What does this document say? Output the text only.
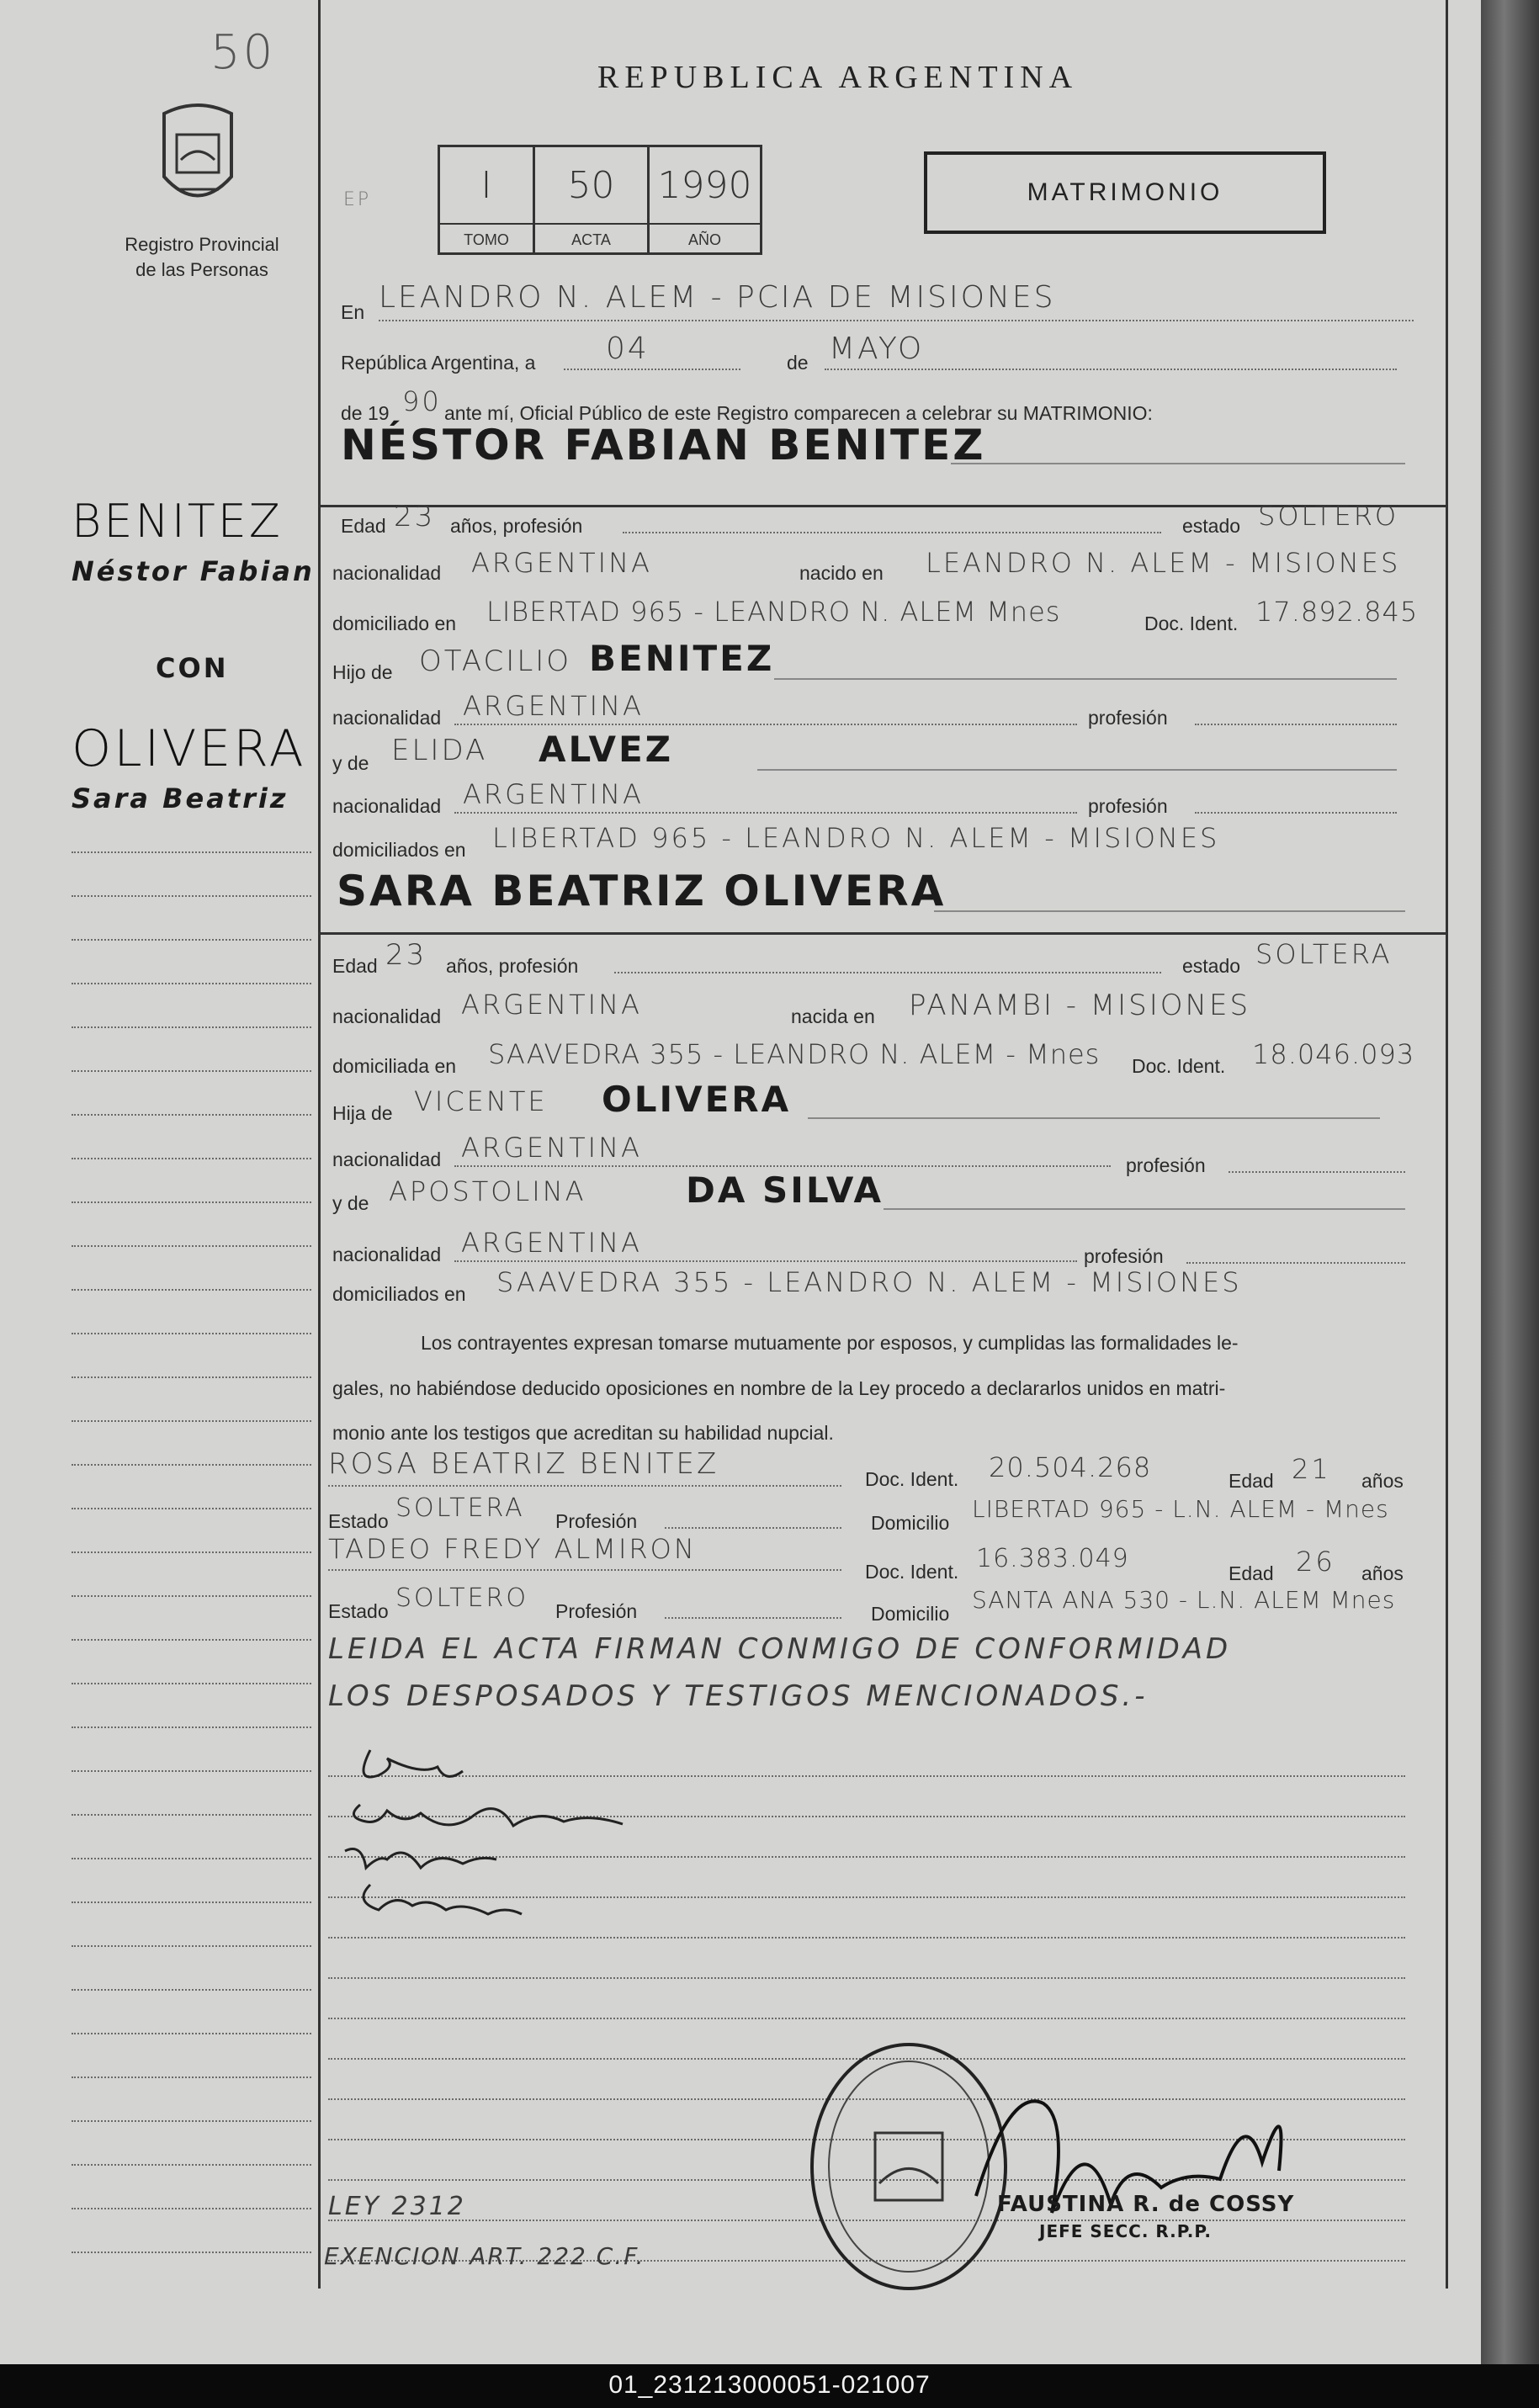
50
Registro Provincial
de las Personas
REPUBLICA ARGENTINA
EP	I
TOMO
50
ACTA
1990
AÑO
MATRIMONIO
BENITEZ
Néstor Fabian
CON
OLIVERA
Sara Beatriz
En LEANDRO N. ALEM - PCIA DE MISIONES
República Argentina, a 04	de MAYO
de 19 90 ante mí, Oficial Público de este Registro comparecen a celebrar su MATRIMONIO:
NÉSTOR FABIAN BENITEZ
Edad 23 años, profesión	estado SOLTERO
nacionalidad ARGENTINA	nacido en LEANDRO N. ALEM - MISIONES
domiciliado en LIBERTAD 965 - LEANDRO N. ALEM Mnes	Doc. Ident. 17.892.845
Hijo de OTACILIO BENITEZ
nacionalidad ARGENTINA	profesión
y de ELIDA ALVEZ
nacionalidad ARGENTINA	profesión
domiciliados en LIBERTAD 965 - LEANDRO N. ALEM - MISIONES
SARA BEATRIZ OLIVERA
Edad 23 años, profesión	estado SOLTERA
nacionalidad ARGENTINA	nacida en PANAMBI - MISIONES
domiciliada en SAAVEDRA 355 - LEANDRO N. ALEM - Mnes Doc. Ident. 18.046.093
Hija de VICENTE OLIVERA
nacionalidad ARGENTINA
profesión
y de APOSTOLINA	DA SILVA
nacionalidad ARGENTINA	profesión
domiciliados en SAAVEDRA 355 - LEANDRO N. ALEM - MISIONES
Los contrayentes expresan tomarse mutuamente por esposos, y cumplidas las formalidades le-
gales, no habiéndose deducido oposiciones en nombre de la Ley procedo a declararlos unidos en matri-
monio ante los testigos que acreditan su habilidad nupcial.
ROSA BEATRIZ BENITEZ	Doc. Ident. 20.504.268	Edad 21 años
Estado SOLTERA Profesión	Domicilio LIBERTAD 965 - L.N. ALEM - Mnes
TADEO FREDY ALMIRON
Doc. Ident. 16.383.049	Edad 26 años
Estado SOLTERO Profesión	Domicilio SANTA ANA 530 - L.N. ALEM Mnes
LEIDA EL ACTA FIRMAN CONMIGO DE CONFORMIDAD
LOS DESPOSADOS Y TESTIGOS MENCIONADOS.-
FAUSTINA R. de COSSY
JEFE SECC. R.P.P.
LEY 2312
EXENCION ART. 222 C.F.
01_231213000051-021007
